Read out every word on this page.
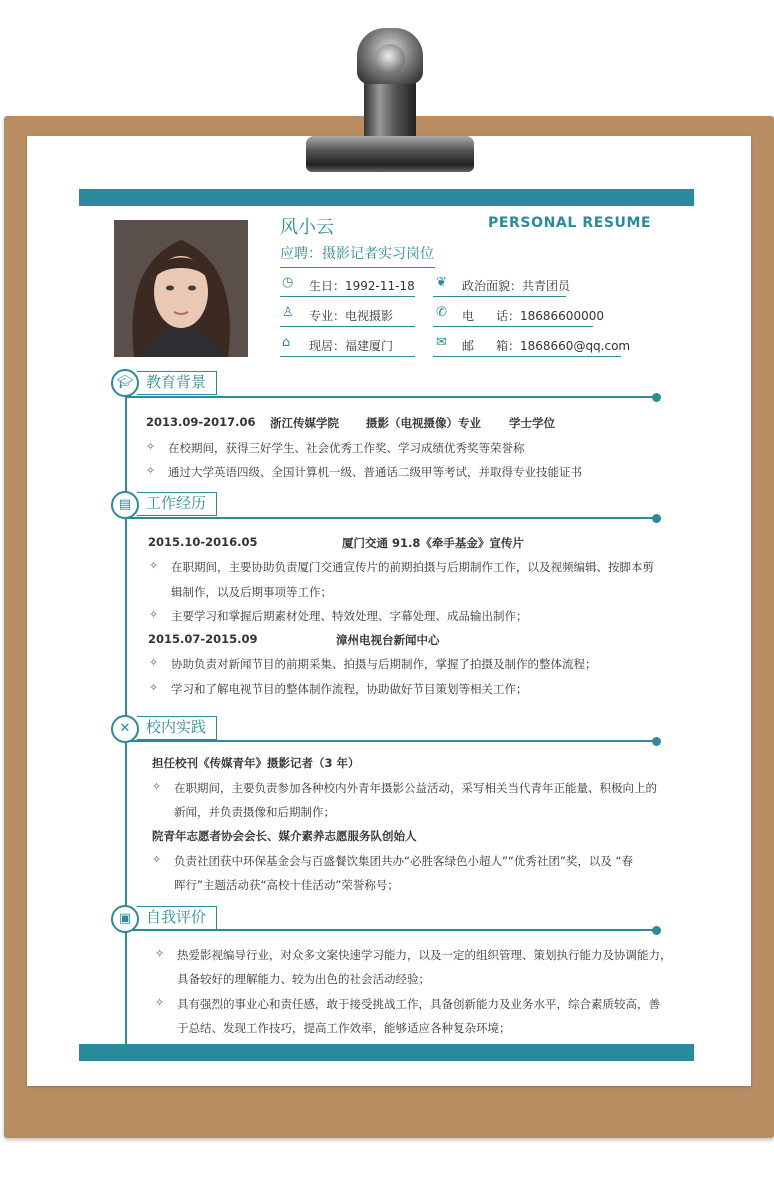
风小云
应聘：摄影记者实习岗位
PERSONAL RESUME
◷ 生日：1992-11-18 ❦ 政治面貌：共青团员
♙ 专业：电视摄影	✆ 电 话：18686600000
⌂ 现居：福建厦门	✉ 邮 箱：1868660@qq.com
教育背景
🎓︎
2013.09-2017.06 浙江传媒学院 摄影（电视摄像）专业 学士学位
✧ 在校期间，获得三好学生、社会优秀工作奖、学习成绩优秀奖等荣誉称
✧ 通过大学英语四级、全国计算机一级、普通话二级甲等考试，并取得专业技能证书
工作经历
▤
2015.10-2016.05	厦门交通 91.8《牵手基金》宣传片
✧ 在职期间，主要协助负责厦门交通宣传片的前期拍摄与后期制作工作，以及视频编辑、按脚本剪
辑制作，以及后期事项等工作；
✧ 主要学习和掌握后期素材处理、特效处理、字幕处理、成品输出制作；
2015.07-2015.09	漳州电视台新闻中心
✧ 协助负责对新闻节目的前期采集、拍摄与后期制作，掌握了拍摄及制作的整体流程；
✧ 学习和了解电视节目的整体制作流程，协助做好节目策划等相关工作；
校内实践
✕
担任校刊《传媒青年》摄影记者（3 年）
✧ 在职期间，主要负责参加各种校内外青年摄影公益活动，采写相关当代青年正能量、积极向上的
新闻，并负责摄像和后期制作；
院青年志愿者协会会长、媒介素养志愿服务队创始人
✧ 负责社团获中环保基金会与百盛餐饮集团共办“必胜客绿色小超人”“优秀社团”奖，以及 “春
晖行”主题活动获“高校十佳活动”荣誉称号；
自我评价
▣
✧ 热爱影视编导行业，对众多文案快速学习能力，以及一定的组织管理、策划执行能力及协调能力，
具备较好的理解能力、较为出色的社会活动经验；
✧ 具有强烈的事业心和责任感，敢于接受挑战工作，具备创新能力及业务水平，综合素质较高，善
于总结、发现工作技巧，提高工作效率，能够适应各种复杂环境；
